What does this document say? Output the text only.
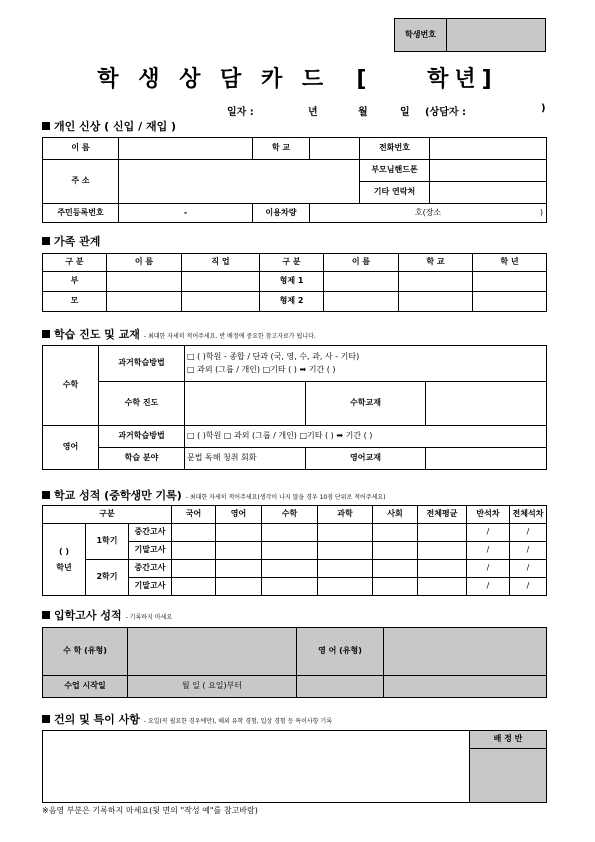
학생번호	
학 생 상 담 카 드  [    학년]
일자 :	년	월	일 (상담자 :	)
개인 신상 ( 신입 / 재입 )
이 름		학 교		전화번호	
주 소				부모님핸드폰	
				기타 연락처	
주민등록번호	-	이용차량	호(장소 )		
가족 관계
구 분	이 름	직 업	구 분	이 름	학 교	학 년
부			형제 1			
모			형제 2			
학습 진도 및 교재 - 최대한 자세히 적어주세요. 반 배정에 중요한 참고자료가 됩니다.
수학	과거학습방법	□ ( )학원 - 종합 / 단과 (국, 영, 수, 과, 사 - 기타)
□ 과외 (그룹 / 개인) □기타 ( ) ➡ 기간 ( )		

	수학 진도		수학교재	
영어	과거학습방법	□ ( )학원 □ 과외 (그룹 / 개인) □기타 ( ) ➡ 기간 ( )		
	학습 분야	문법 독해 청취 회화	영어교재	
학교 성적 (중학생만 기록) - 최대한 자세히 적어주세요(생각이 나지 않을 경우 10점 단위로 적어주세요)
구분			국어	영어	수학	과학	사회	전체평균	반석차	전체석차

( )
학년	1학기	중간고사							/	/
		기말고사							/	/
	2학기	중간고사							/	/
		기말고사							/	/
입학고사 성적 - 기록하지 마세요
수 학 (유형)		영 어 (유형)	
수업 시작일	월 일 ( 요일)부터		
건의 및 특이 사항 - 요일(꼭 필요한 경우에만), 해외 유학 경험, 입상 경험 등 특이사항 기록
	배 정 반

※음영 부분은 기록하지 마세요(뒷 면의 "작성 예"를 참고바람)
